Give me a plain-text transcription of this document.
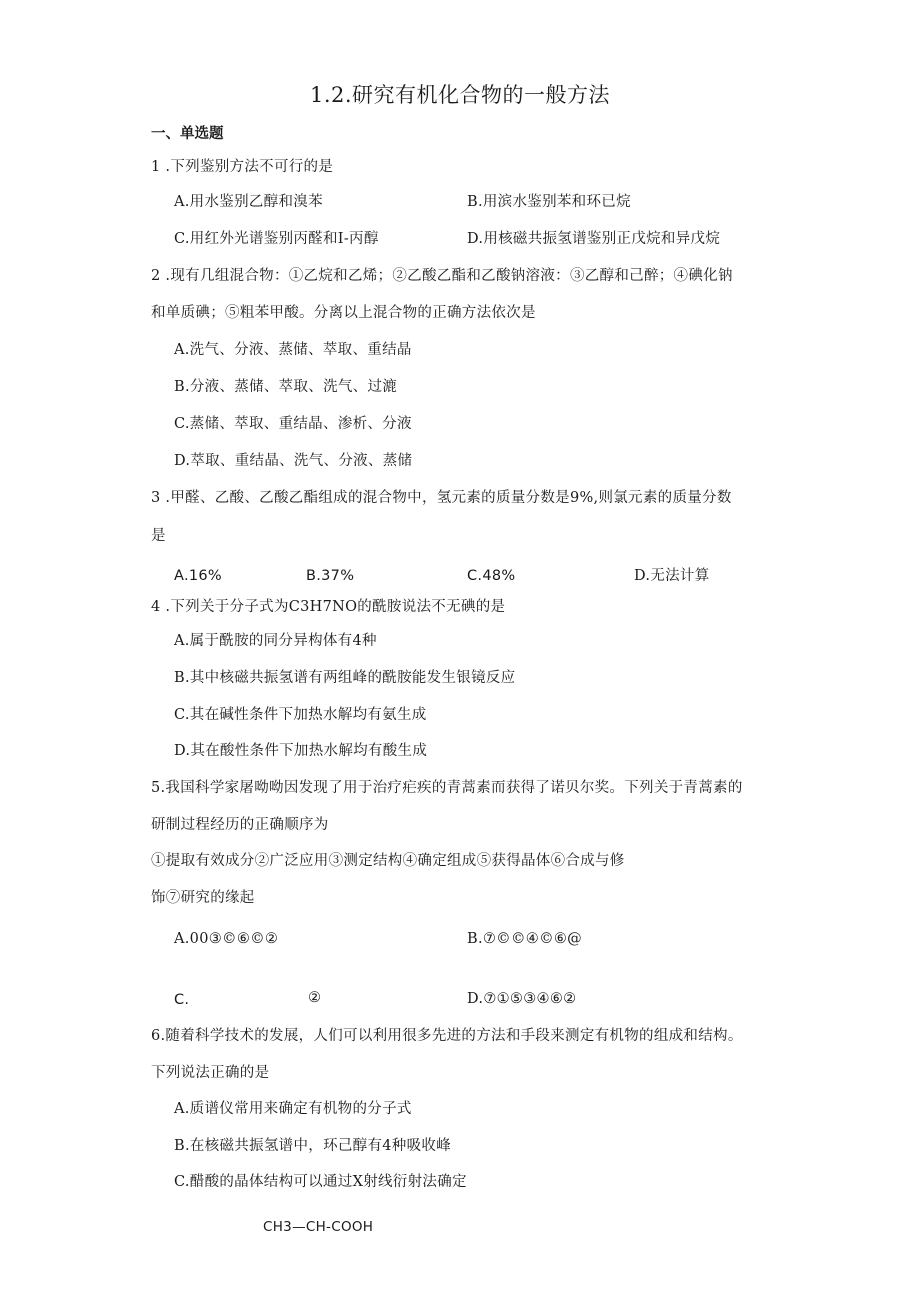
1.2.研究有机化合物的一般方法
一、单选题
1 .下列鉴别方法不可行的是
A.用水鉴别乙醇和溴苯	B.用滨水鉴别苯和环已烷
C.用红外光谱鉴别丙醛和I-丙醇	D.用核磁共振氢谱鉴别正戊烷和异戊烷
2 .现有几组混合物：①乙烷和乙烯；②乙酸乙酯和乙酸钠溶液：③乙醇和己醉；④碘化钠
和单质碘；⑤粗苯甲酸。分离以上混合物的正确方法依次是
A.洗气、分液、蒸储、萃取、重结晶
B.分液、蒸储、萃取、洗气、过漉
C.蒸储、萃取、重结晶、渗析、分液
D.萃取、重结晶、洗气、分液、蒸储
3 .甲醛、乙酸、乙酸乙酯组成的混合物中，氢元素的质量分数是9%,则氯元素的质量分数
是
A.16%	B.37%	C.48%	D.无法计算
4 .下列关于分子式为C3H7NO的酰胺说法不无碘的是
A.属于酰胺的同分异构体有4种
B.其中核磁共振氢谱有两组峰的酰胺能发生银镜反应
C.其在碱性条件下加热水解均有氨生成
D.其在酸性条件下加热水解均有酸生成
5.我国科学家屠呦呦因发现了用于治疗疟疾的青蒿素而获得了诺贝尔奖。下列关于青蒿素的
研制过程经历的正确顺序为
①提取有效成分②广泛应用③测定结构④确定组成⑤获得晶体⑥合成与修
饰⑦研究的缘起
A.00③©⑥©②	B.⑦©©④©⑥@
C.	②	D.⑦①⑤③④⑥②
6.随着科学技术的发展，人们可以利用很多先进的方法和手段来测定有机物的组成和结构。
下列说法正确的是
A.质谱仪常用来确定有机物的分子式
B.在核磁共振氢谱中，环己醇有4种吸收峰
C.醋酸的晶体结构可以通过X射线衍射法确定
CH3—CH-COOH
